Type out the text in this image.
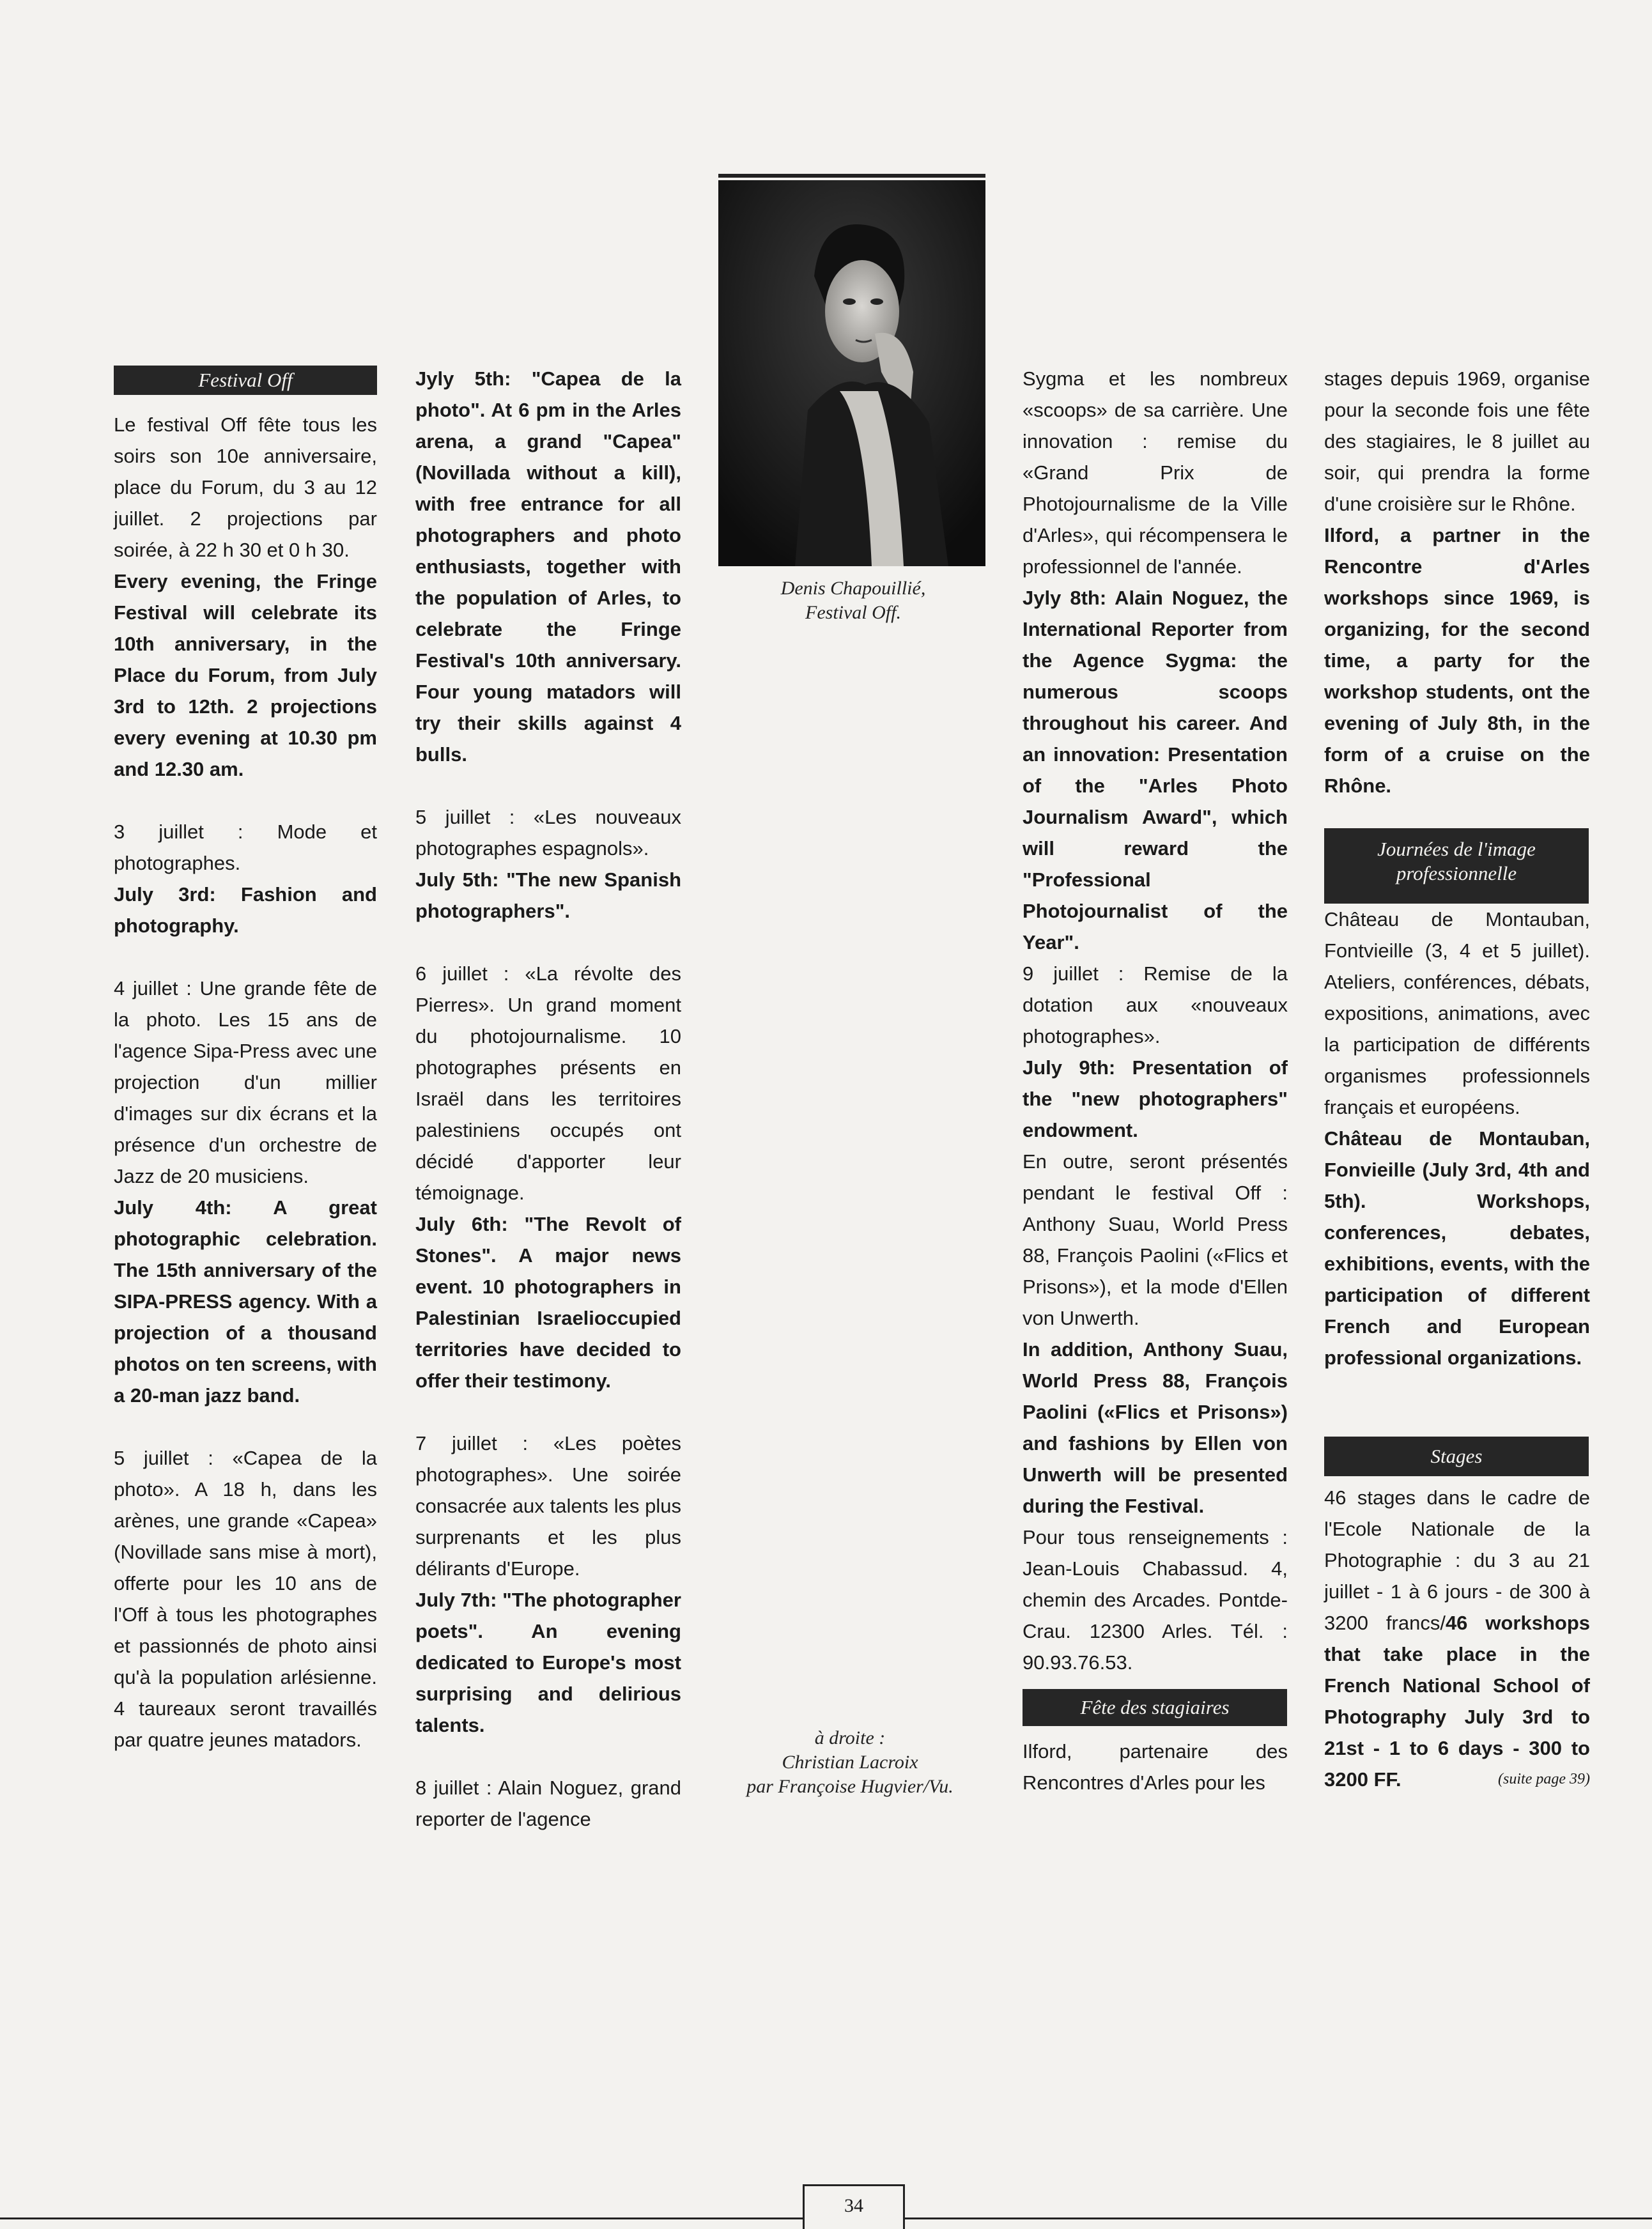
Festival Off

Le festival Off fête tous les soirs son 10e anniversaire, place du Forum, du 3 au 12 juillet. 2 projections par soirée, à 22 h 30 et 0 h 30.

Every evening, the Fringe Festival will celebrate its 10th anniversary, in the Place du Forum, from July 3rd to 12th. 2 projections every evening at 10.30 pm and 12.30 am.

3 juillet : Mode et photographes.

July 3rd: Fashion and photography.

4 juillet : Une grande fête de la photo. Les 15 ans de l'agence Sipa-Press avec une projection d'un millier d'images sur dix écrans et la présence d'un orchestre de Jazz de 20 musiciens.

July 4th: A great photographic celebration. The 15th anniversary of the SIPA-PRESS agency. With a projection of a thousand photos on ten screens, with a 20-man jazz band.

5 juillet : «Capea de la photo». A 18 h, dans les arènes, une grande «Capea» (Novillade sans mise à mort), offerte pour les 10 ans de l'Off à tous les photographes et passionnés de photo ainsi qu'à la population arlésienne. 4 taureaux seront travaillés par quatre jeunes matadors.

Jyly 5th: "Capea de la photo". At 6 pm in the Arles arena, a grand "Capea" (Novillada without a kill), with free entrance for all photographers and photo enthusiasts, together with the population of Arles, to celebrate the Fringe Festival's 10th anniversary. Four young matadors will try their skills against 4 bulls.

5 juillet : «Les nouveaux photographes espagnols».

July 5th: "The new Spanish photographers".

6 juillet : «La révolte des Pierres». Un grand moment du photojournalisme. 10 photographes présents en Israël dans les territoires palestiniens occupés ont décidé d'apporter leur témoignage.

July 6th: "The Revolt of Stones". A major news event. 10 photographers in Palestinian Israelioccupied territories have decided to offer their testimony.

7 juillet : «Les poètes photographes». Une soirée consacrée aux talents les plus surprenants et les plus délirants d'Europe.

July 7th: "The photographer poets". An evening dedicated to Europe's most surprising and delirious talents.

8 juillet : Alain Noguez, grand reporter de l'agence

Denis Chapouillié,
Festival Off.
à droite :
Christian Lacroix
par Françoise Hugvier/Vu.

Sygma et les nombreux «scoops» de sa carrière. Une innovation : remise du «Grand Prix de Photojournalisme de la Ville d'Arles», qui récompensera le professionnel de l'année.

Jyly 8th: Alain Noguez, the International Reporter from the Agence Sygma: the numerous scoops throughout his career. And an innovation: Presentation of the "Arles Photo Journalism Award", which will reward the "Professional Photojournalist of the Year".

9 juillet : Remise de la dotation aux «nouveaux photographes».

July 9th: Presentation of the "new photographers" endowment.

En outre, seront présentés pendant le festival Off : Anthony Suau, World Press 88, François Paolini («Flics et Prisons»), et la mode d'Ellen von Unwerth.

In addition, Anthony Suau, World Press 88, François Paolini («Flics et Prisons») and fashions by Ellen von Unwerth will be presented during the Festival.

Pour tous renseignements : Jean-Louis Chabassud. 4, chemin des Arcades. Pontde-Crau. 12300 Arles. Tél. : 90.93.76.53.

Fête des stagiaires

Ilford, partenaire des Rencontres d'Arles pour les

stages depuis 1969, organise pour la seconde fois une fête des stagiaires, le 8 juillet au soir, qui prendra la forme d'une croisière sur le Rhône.

Ilford, a partner in the Rencontre d'Arles workshops since 1969, is organizing, for the second time, a party for the workshop students, ont the evening of July 8th, in the form of a cruise on the Rhône.

Journées de l'image professionnelle

Château de Montauban, Fontvieille (3, 4 et 5 juillet). Ateliers, conférences, débats, expositions, animations, avec la participation de différents organismes professionnels français et européens.

Château de Montauban, Fonvieille (July 3rd, 4th and 5th). Workshops, conferences, debates, exhibitions, events, with the participation of different French and European professional organizations.

Stages

46 stages dans le cadre de l'Ecole Nationale de la Photographie : du 3 au 21 juillet - 1 à 6 jours - de 300 à 3200 francs/46 workshops that take place in the French National School of Photography July 3rd to 21st - 1 to 6 days - 300 to 3200 FF.	(suite page 39)

34
